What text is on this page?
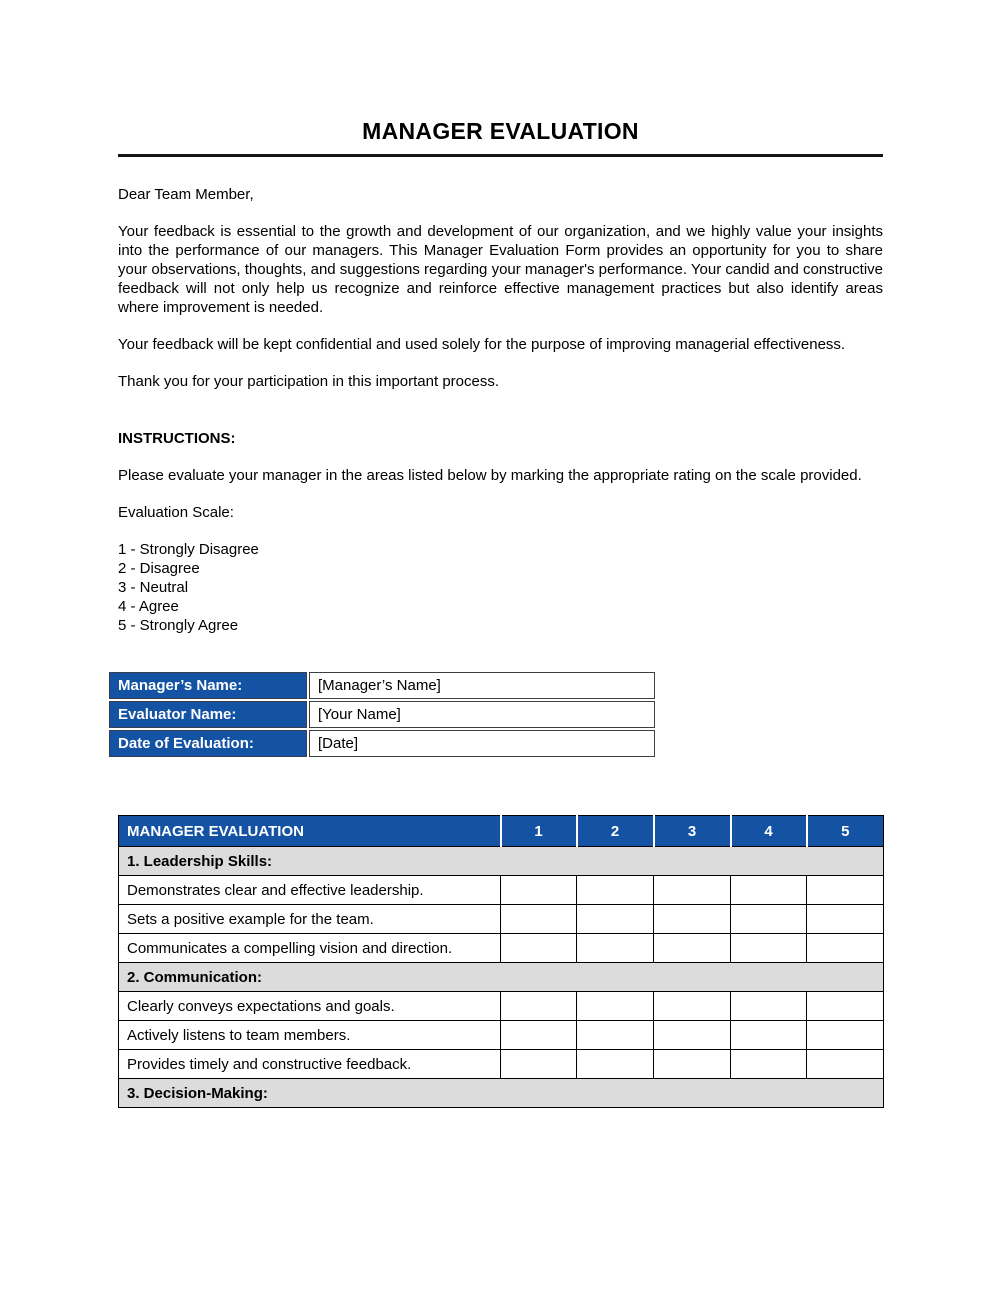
MANAGER EVALUATION

Dear Team Member,

Your feedback is essential to the growth and development of our organization, and we highly value your insights into the performance of our managers. This Manager Evaluation Form provides an opportunity for you to share your observations, thoughts, and suggestions regarding your manager's performance. Your candid and constructive feedback will not only help us recognize and reinforce effective management practices but also identify areas where improvement is needed.

Your feedback will be kept confidential and used solely for the purpose of improving managerial effectiveness.

Thank you for your participation in this important process.

INSTRUCTIONS:

Please evaluate your manager in the areas listed below by marking the appropriate rating on the scale provided.

Evaluation Scale:

1 - Strongly Disagree
2 - Disagree
3 - Neutral
4 - Agree
5 - Strongly Agree
Manager’s Name:	[Manager’s Name]
Evaluator Name:	[Your Name]
Date of Evaluation:	[Date]
MANAGER EVALUATION	1	2	3	4	5
1. Leadership Skills:					
Demonstrates clear and effective leadership.					
Sets a positive example for the team.					
Communicates a compelling vision and direction.					
2. Communication:					
Clearly conveys expectations and goals.					
Actively listens to team members.					
Provides timely and constructive feedback.					
3. Decision-Making:					
